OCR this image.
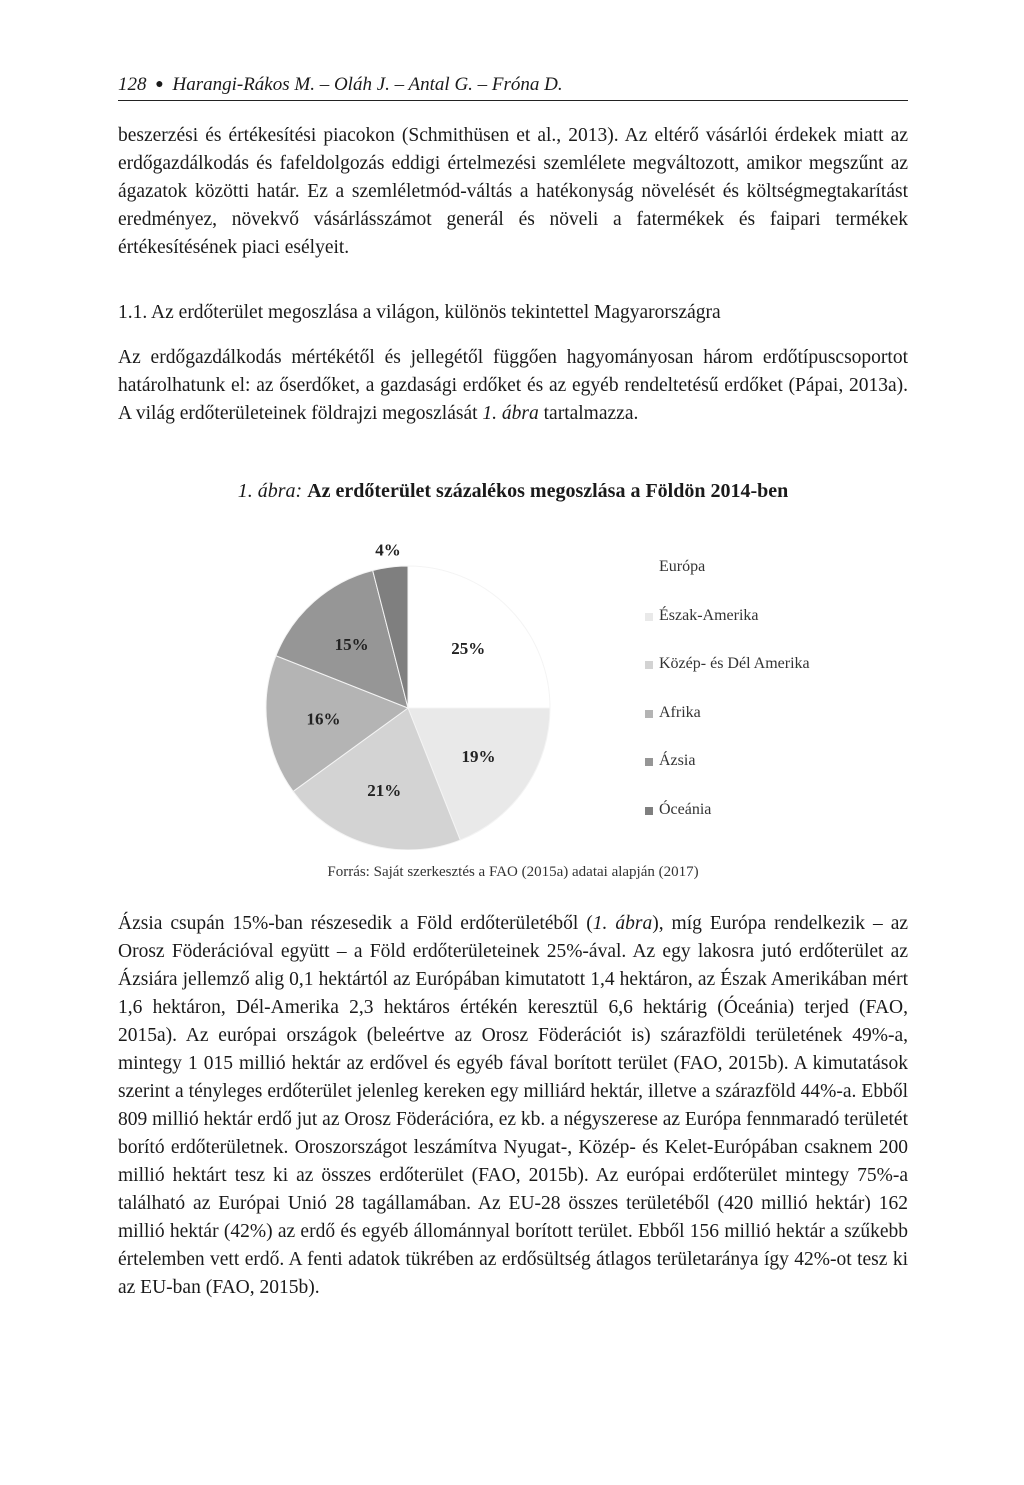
128 ● Harangi-Rákos M. – Oláh J. – Antal G. – Fróna D.

beszerzési és értékesítési piacokon (Schmithüsen et al., 2013). Az eltérő vásárlói érdekek miatt az erdőgazdálkodás és fafeldolgozás eddigi értelmezési szemlélete megváltozott, amikor megszűnt az ágazatok közötti határ. Ez a szemléletmód-váltás a hatékonyság növelését és költségmegtakarítást eredményez, növekvő vásárlásszámot generál és növeli a fatermékek és faipari termékek értékesítésének piaci esélyeit.

1.1. Az erdőterület megoszlása a világon, különös tekintettel Magyarországra

Az erdőgazdálkodás mértékétől és jellegétől függően hagyományosan három erdőtípuscsoportot határolhatunk el: az őserdőket, a gazdasági erdőket és az egyéb rendeltetésű erdőket (Pápai, 2013a). A világ erdőterületeinek földrajzi megoszlását 1. ábra tartalmazza.

1. ábra: Az erdőterület százalékos megoszlása a Földön 2014-ben
25%
19%
21%
16%
15%
4%
Európa
Észak-Amerika
Közép- és Dél Amerika
Afrika
Ázsia
Óceánia
Forrás: Saját szerkesztés a FAO (2015a) adatai alapján (2017)

Ázsia csupán 15%-ban részesedik a Föld erdőterületéből (1. ábra), míg Európa rendelkezik – az Orosz Föderációval együtt – a Föld erdőterületeinek 25%-ával. Az egy lakosra jutó erdőterület az Ázsiára jellemző alig 0,1 hektártól az Európában kimutatott 1,4 hektáron, az Észak Amerikában mért 1,6 hektáron, Dél-Amerika 2,3 hektáros értékén keresztül 6,6 hektárig (Óceánia) terjed (FAO, 2015a). Az európai országok (beleértve az Orosz Föderációt is) szárazföldi területének 49%-a, mintegy 1 015 millió hektár az erdővel és egyéb fával borított terület (FAO, 2015b). A kimutatások szerint a tényleges erdőterület jelenleg kereken egy milliárd hektár, illetve a szárazföld 44%-a. Ebből 809 millió hektár erdő jut az Orosz Föderációra, ez kb. a négyszerese az Európa fennmaradó területét borító erdőterületnek. Oroszországot leszámítva Nyugat-, Közép- és Kelet-Európában csaknem 200 millió hektárt tesz ki az összes erdőterület (FAO, 2015b). Az európai erdőterület mintegy 75%-a található az Európai Unió 28 tagállamában. Az EU-28 összes területéből (420 millió hektár) 162 millió hektár (42%) az erdő és egyéb állománnyal borított terület. Ebből 156 millió hektár a szűkebb értelemben vett erdő. A fenti adatok tükrében az erdősültség átlagos területaránya így 42%-ot tesz ki az EU-ban (FAO, 2015b).
